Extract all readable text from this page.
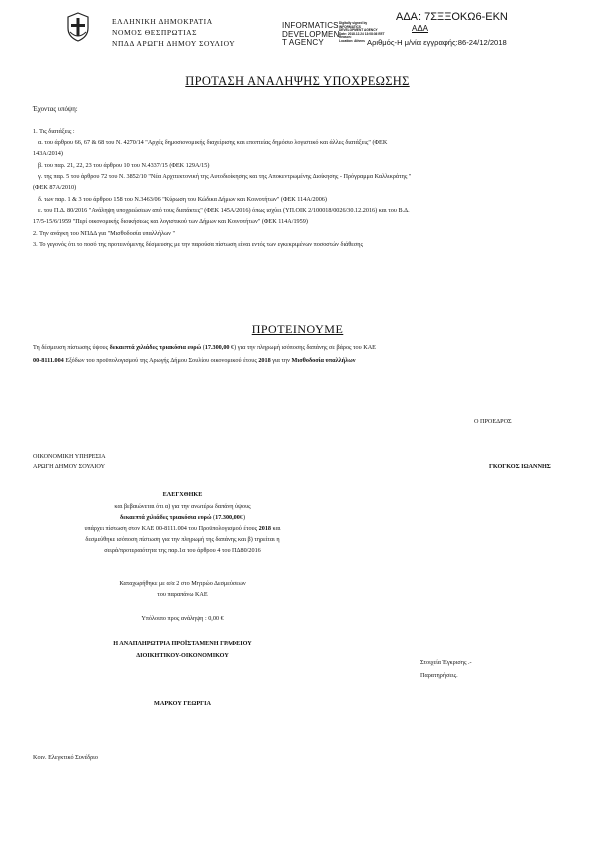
ΕΛΛΗΝΙΚΗ ΔΗΜΟΚΡΑΤΙΑ
ΝΟΜΟΣ ΘΕΣΠΡΩΤΙΑΣ
ΝΠΔΔ ΑΡΩΓΗ ΔΗΜΟΥ ΣΟΥΛΙΟΥ
INFORMATICS
DEVELOPMEN
T AGENCY
Digitally signed by
INFORMATICS
DEVELOPMENT AGENCY
Date: 2018.12.24 13:08:36 EET
Reason:
Location: Athens
ΑΔΑ: 7ΣΞΞΟΚΩ6-ΕΚΝ
ΑΔΑ
Αριθμός-Η μ/νία εγγραφής:86-24/12/2018
ΠΡΟΤΑΣΗ ΑΝΑΛΗΨΗΣ ΥΠΟΧΡΕΩΣΗΣ
Έχοντας υπόψη:
1. Τις διατάξεις :
α. του άρθρου 66, 67 & 68 του Ν. 4270/14 "Αρχές δημοσιονομικής διαχείρισης και εποπτείας δημόσιο λογιστικό και άλλες διατάξεις" (ΦΕΚ
143Α/2014)
β. του παρ. 21, 22, 23 του άρθρου 10 του Ν.4337/15 (ΦΕΚ 129Α/15)
γ. της παρ. 5 του άρθρου 72 του Ν. 3852/10 "Νέα Αρχιτεκτονική της Αυτοδιοίκησης και της Αποκεντρωμένης Διοίκησης - Πρόγραμμα Καλλικράτης "
(ΦΕΚ 87Α/2010)
δ. των παρ. 1 & 3 του άρθρου 158 του Ν.3463/06 "Κύρωση του Κώδικα Δήμων και Κοινοτήτων" (ΦΕΚ 114Α/2006)
ε. του Π.Δ. 80/2016 "Ανάληψη υποχρεώσεων από τους διατάκτες" (ΦΕΚ 145Α/2016) όπως ισχύει (ΥΠ.ΟΙΚ 2/100018/0026/30.12.2016) και του Β.Δ.
17/5-15/6/1959 "Περί οικονομικής διοικήσεως και λογιστικού των Δήμων και Κοινοτήτων" (ΦΕΚ 114Α/1959)
2. Την ανάγκη του ΝΠΔΔ για "Μισθοδοσία υπαλλήλων "
3. Το γεγονός ότι το ποσό της προτεινόμενης δέσμευσης με την παρούσα πίστωση είναι εντός των εγκεκριμένων ποσοστών διάθεσης
ΠΡΟΤΕΙΝΟΥΜΕ
Τη δέσμευση πίστωσης ύψους δεκαεπτά χιλιάδες τριακόσια ευρώ (17.300,00 €) για την πληρωμή ισόποσης δαπάνης σε βάρος του ΚΑΕ
00-8111.004 Εξόδων του προϋπολογισμού της Αρωγής Δήμου Σουλίου οικονομικού έτους 2018 για την Μισθοδοσία υπαλλήλων
Ο ΠΡΟΕΔΡΟΣ
ΟΙΚΟΝΟΜΙΚΗ ΥΠΗΡΕΣΙΑ
ΑΡΩΓΗ ΔΗΜΟΥ ΣΟΥΛΙΟΥ	ΓΚΟΓΚΟΣ ΙΩΑΝΝΗΣ
ΕΛΕΓΧΘΗΚΕ
και βεβαιώνεται ότι α) για την ανωτέρω δαπάνη ύψους
δεκαεπτά χιλιάδες τριακόσια ευρώ (17.300,00€)
υπάρχει πίστωση στον ΚΑΕ 00-8111.004 του Προϋπολογισμού έτους 2018 και
δεσμεύθηκε ισόποση πίστωση για την πληρωμή της δαπάνης και β) τηρείται η
σειρά/προτεραιότητα της παρ.1α του άρθρου 4 του ΠΔ80/2016
Καταχωρήθηκε με α/α 2 στο Μητρώο Δεσμεύσεων
του παραπάνω ΚΑΕ
Υπόλοιπο προς ανάληψη : 0,00 €
Η ΑΝΑΠΛΗΡΩΤΡΙΑ ΠΡΟΪΣΤΑΜΕΝΗ ΓΡΑΦΕΙΟΥ
ΔΙΟΙΚΗΤΙΚΟΥ-ΟΙΚΟΝΟΜΙΚΟΥ
Στοιχεία Έγκρισης .-
Παρατηρήσεις.
ΜΑΡΚΟΥ ΓΕΩΡΓΙΑ
Κοιν. Ελεγκτικό Συνέδριο
